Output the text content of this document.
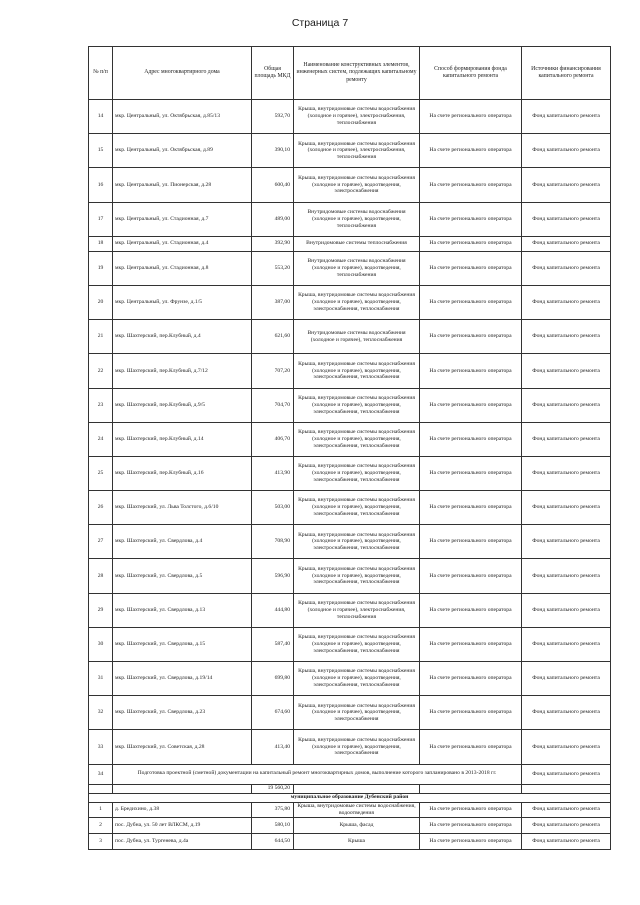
Страница 7
№ п/п	Адрес многоквартирного дома	Общая площадь МКД	Наименование конструктивных элементов, инженерных систем, подлежащих капитальному ремонту	Способ формирования фонда капитального ремонта	Источники финансирования капитального ремонта
14	мкр. Центральный, ул. Октябрьская, д.85/13	592,70	Крыша, внутридомовые системы водоснабжения (холодное и горячее), электроснабжения, теплоснабжения	На счете регионального оператора	Фонд капитального ремонта
15	мкр. Центральный, ул. Октябрьская, д.89	390,10	Крыша, внутридомовые системы водоснабжения (холодное и горячее), электроснабжения, теплоснабжения	На счете регионального оператора	Фонд капитального ремонта
16	мкр. Центральный, ул. Пионерская, д.28	600,40	Крыша, внутридомовые системы водоснабжения (холодное и горячее), водоотведения, электроснабжения	На счете регионального оператора	Фонд капитального ремонта
17	мкр. Центральный, ул. Стадионная, д.7	489,00	Внутридомовые системы водоснабжения (холодное и горячее), водоотведения, теплоснабжения	На счете регионального оператора	Фонд капитального ремонта
18	мкр. Центральный, ул. Стадионная, д.4	392,90	Внутридомовые системы теплоснабжения	На счете регионального оператора	Фонд капитального ремонта
19	мкр. Центральный, ул. Стадионная, д.8	553,20	Внутридомовые системы водоснабжения (холодное и горячее), водоотведения, теплоснабжения	На счете регионального оператора	Фонд капитального ремонта
20	мкр. Центральный, ул. Фрунзе, д.1/5	387,00	Крыша, внутридомовые системы водоснабжения (холодное и горячее), водоотведения, электроснабжения, теплоснабжения	На счете регионального оператора	Фонд капитального ремонта
21	мкр. Шахтерский, пер.Клубный, д.4	621,60	Внутридомовые системы водоснабжения (холодное и горячее), теплоснабжения	На счете регионального оператора	Фонд капитального ремонта
22	мкр. Шахтерский, пер.Клубный, д.7/12	707,20	Крыша, внутридомовые системы водоснабжения (холодное и горячее), водоотведения, электроснабжения, теплоснабжения	На счете регионального оператора	Фонд капитального ремонта
23	мкр. Шахтерский, пер.Клубный, д.9/5	704,70	Крыша, внутридомовые системы водоснабжения (холодное и горячее), водоотведения, электроснабжения, теплоснабжения	На счете регионального оператора	Фонд капитального ремонта
24	мкр. Шахтерский, пер.Клубный, д.14	406,70	Крыша, внутридомовые системы водоснабжения (холодное и горячее), водоотведения, электроснабжения, теплоснабжения	На счете регионального оператора	Фонд капитального ремонта
25	мкр. Шахтерский, пер.Клубный, д.16	413,90	Крыша, внутридомовые системы водоснабжения (холодное и горячее), водоотведения, электроснабжения, теплоснабжения	На счете регионального оператора	Фонд капитального ремонта
26	мкр. Шахтерский, ул. Льва Толстого, д.6/10	503,00	Крыша, внутридомовые системы водоснабжения (холодное и горячее), водоотведения, электроснабжения, теплоснабжения	На счете регионального оператора	Фонд капитального ремонта
27	мкр. Шахтерский, ул. Свердлова, д.4	708,90	Крыша, внутридомовые системы водоснабжения (холодное и горячее), водоотведения, электроснабжения, теплоснабжения	На счете регионального оператора	Фонд капитального ремонта
28	мкр. Шахтерский, ул. Свердлова, д.5	596,90	Крыша, внутридомовые системы водоснабжения (холодное и горячее), водоотведения, электроснабжения, теплоснабжения	На счете регионального оператора	Фонд капитального ремонта
29	мкр. Шахтерский, ул. Свердлова, д.13	444,80	Крыша, внутридомовые системы водоснабжения (холодное и горячее), электроснабжения, теплоснабжения	На счете регионального оператора	Фонд капитального ремонта
30	мкр. Шахтерский, ул. Свердлова, д.15	587,40	Крыша, внутридомовые системы водоснабжения (холодное и горячее), водоотведения, электроснабжения, теплоснабжения	На счете регионального оператора	Фонд капитального ремонта
31	мкр. Шахтерский, ул. Свердлова, д.19/14	699,80	Крыша, внутридомовые системы водоснабжения (холодное и горячее), водоотведения, электроснабжения, теплоснабжения	На счете регионального оператора	Фонд капитального ремонта
32	мкр. Шахтерский, ул. Свердлова, д.23	674,60	Крыша, внутридомовые системы водоснабжения (холодное и горячее), водоотведения, электроснабжения	На счете регионального оператора	Фонд капитального ремонта
33	мкр. Шахтерский, ул. Советская, д.28	413,40	Крыша, внутридомовые системы водоснабжения (холодное и горячее), водоотведения, электроснабжения	На счете регионального оператора	Фонд капитального ремонта
34	Подготовка проектной (сметной) документации на капитальный ремонт многоквартирных домов, выполнение которого запланировано в 2013-2018 гг.				Фонд капитального ремонта
		19 560,20			
муниципальное образование Дубенский район					
1	д. Бредихино, д.38	375,80	Крыша, внутридомовые системы водоснабжения, водоотведения	На счете регионального оператора	Фонд капитального ремонта
2	пос. Дубна, ул. 50 лет ВЛКСМ, д.19	580,10	Крыша, фасад	На счете регионального оператора	Фонд капитального ремонта
3	пос. Дубна, ул. Тургенева, д.4а	644,50	Крыша	На счете регионального оператора	Фонд капитального ремонта
